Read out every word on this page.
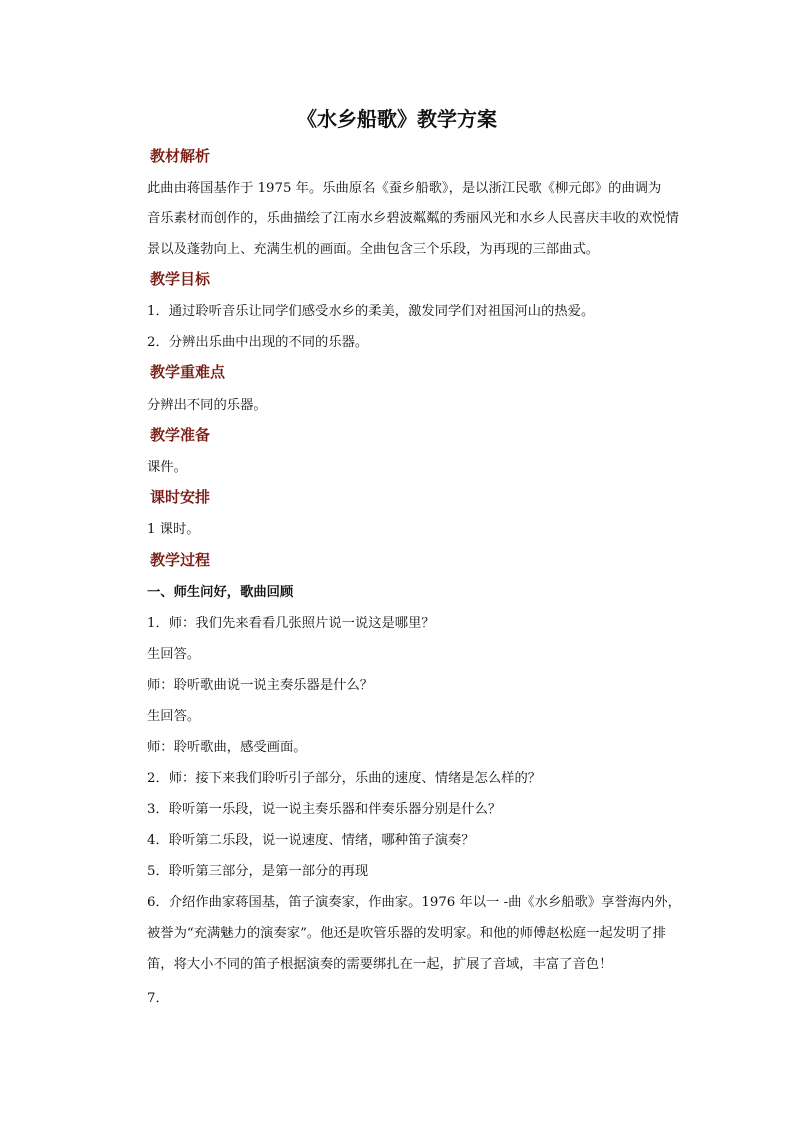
《水乡船歌》教学方案
教材解析
此曲由蒋国基作于 1975 年。乐曲原名《蚕乡船歌》，是以浙江民歌《柳元郎》的曲调为
音乐素材而创作的，乐曲描绘了江南水乡碧波粼粼的秀丽风光和水乡人民喜庆丰收的欢悦情
景以及蓬勃向上、充满生机的画面。全曲包含三个乐段，为再现的三部曲式。
教学目标
1．通过聆听音乐让同学们感受水乡的柔美，激发同学们对祖国河山的热爱。
2．分辨出乐曲中出现的不同的乐器。
教学重难点
分辨出不同的乐器。
教学准备
课件。
课时安排
1 课时。
教学过程
一、师生问好，歌曲回顾
1．师：我们先来看看几张照片说一说这是哪里？
生回答。
师：聆听歌曲说一说主奏乐器是什么？
生回答。
师：聆听歌曲，感受画面。
2．师：接下来我们聆听引子部分，乐曲的速度、情绪是怎么样的？
3．聆听第一乐段，说一说主奏乐器和伴奏乐器分别是什么？
4．聆听第二乐段，说一说速度、情绪，哪种笛子演奏？
5．聆听第三部分，是第一部分的再现
6．介绍作曲家蒋国基，笛子演奏家，作曲家。1976 年以一 -曲《水乡船歌》享誉海内外，
被誉为“充满魅力的演奏家”。他还是吹管乐器的发明家。和他的师傅赵松庭一起发明了排
笛，将大小不同的笛子根据演奏的需要绑扎在一起，扩展了音域，丰富了音色！
7．
